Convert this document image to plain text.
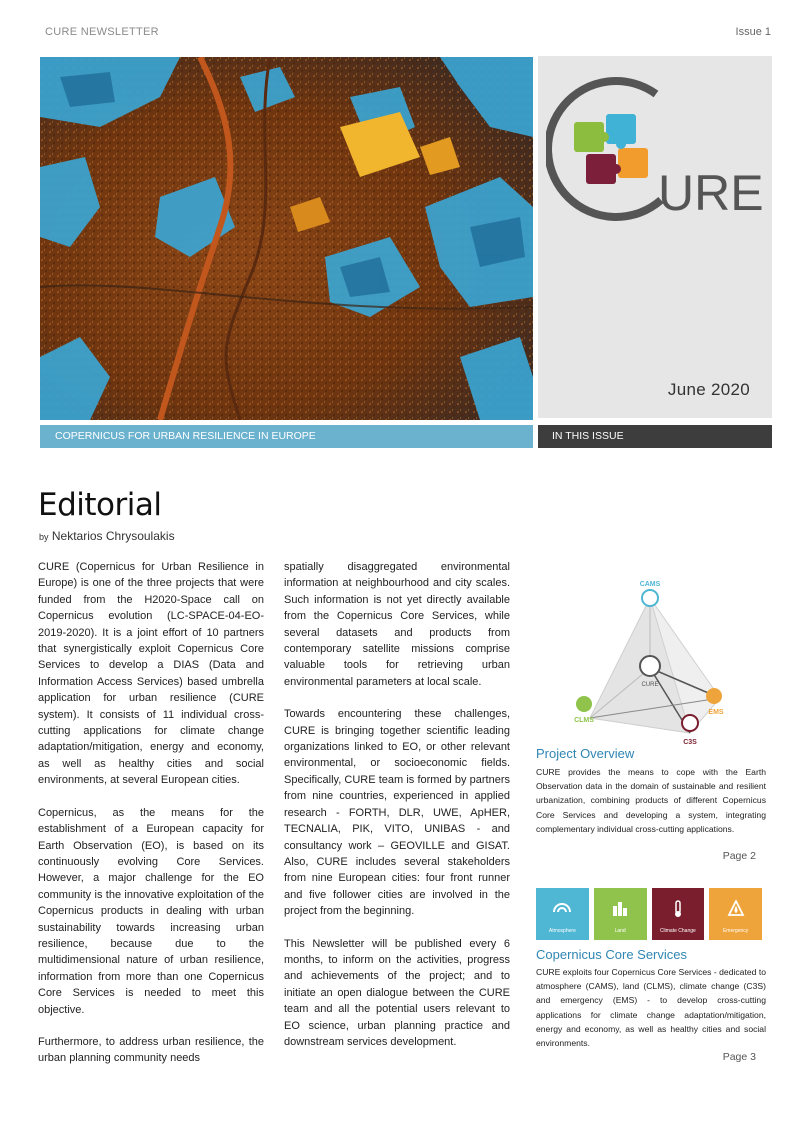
CURE NEWSLETTER	Issue 1
URE
June 2020
COPERNICUS FOR URBAN RESILIENCE IN EUROPE	IN THIS ISSUE
Editorial
by Nektarios Chrysoulakis

CURE (Copernicus for Urban Resilience in Europe) is one of the three projects that were funded from the H2020-Space call on Copernicus evolution (LC-SPACE-04-EO-2019-2020). It is a joint effort of 10 partners that synergistically exploit Copernicus Core Services to develop a DIAS (Data and Information Access Services) based umbrella application for urban resilience (CURE system). It consists of 11 individual cross-cutting applications for climate change adaptation/mitigation, energy and economy, as well as healthy cities and social environments, at several European cities.

Copernicus, as the means for the establishment of a European capacity for Earth Observation (EO), is based on its continuously evolving Core Services. However, a major challenge for the EO community is the innovative exploitation of the Copernicus products in dealing with urban sustainability towards increasing urban resilience, because due to the multidimensional nature of urban resilience, information from more than one Copernicus Core Services is needed to meet this objective.

Furthermore, to address urban resilience, the urban planning community needs

spatially disaggregated environmental information at neighbourhood and city scales. Such information is not yet directly available from the Copernicus Core Services, while several datasets and products from contemporary satellite missions comprise valuable tools for retrieving urban environmental parameters at local scale.

Towards encountering these challenges, CURE is bringing together scientific leading organizations linked to EO, or other relevant environmental, or socioeconomic fields. Specifically, CURE team is formed by partners from nine countries, experienced in applied research - FORTH, DLR, UWE, ApHER, TECNALIA, PIK, VITO, UNIBAS - and consultancy work – GEOVILLE and GISAT. Also, CURE includes several stakeholders from nine European cities: four front runner and five follower cities are involved in the project from the beginning.

This Newsletter will be published every 6 months, to inform on the activities, progress and achievements of the project; and to initiate an open dialogue between the CURE team and all the potential users relevant to EO science, urban planning practice and downstream services development.

CAMS
CURE
CLMS
EMS
C3S
Project Overview
CURE provides the means to cope with the Earth Observation data in the domain of sustainable and resilient urbanization, combining products of different Copernicus Core Services and developing a system, integrating complementary individual cross-cutting applications.
Page 2
Atmosphere	Land	Climate Change	Emergency
Copernicus Core Services
CURE exploits four Copernicus Core Services - dedicated to atmosphere (CAMS), land (CLMS), climate change (C3S) and emergency (EMS) - to develop cross-cutting applications for climate change adaptation/mitigation, energy and economy, as well as healthy cities and social environments.
Page 3
